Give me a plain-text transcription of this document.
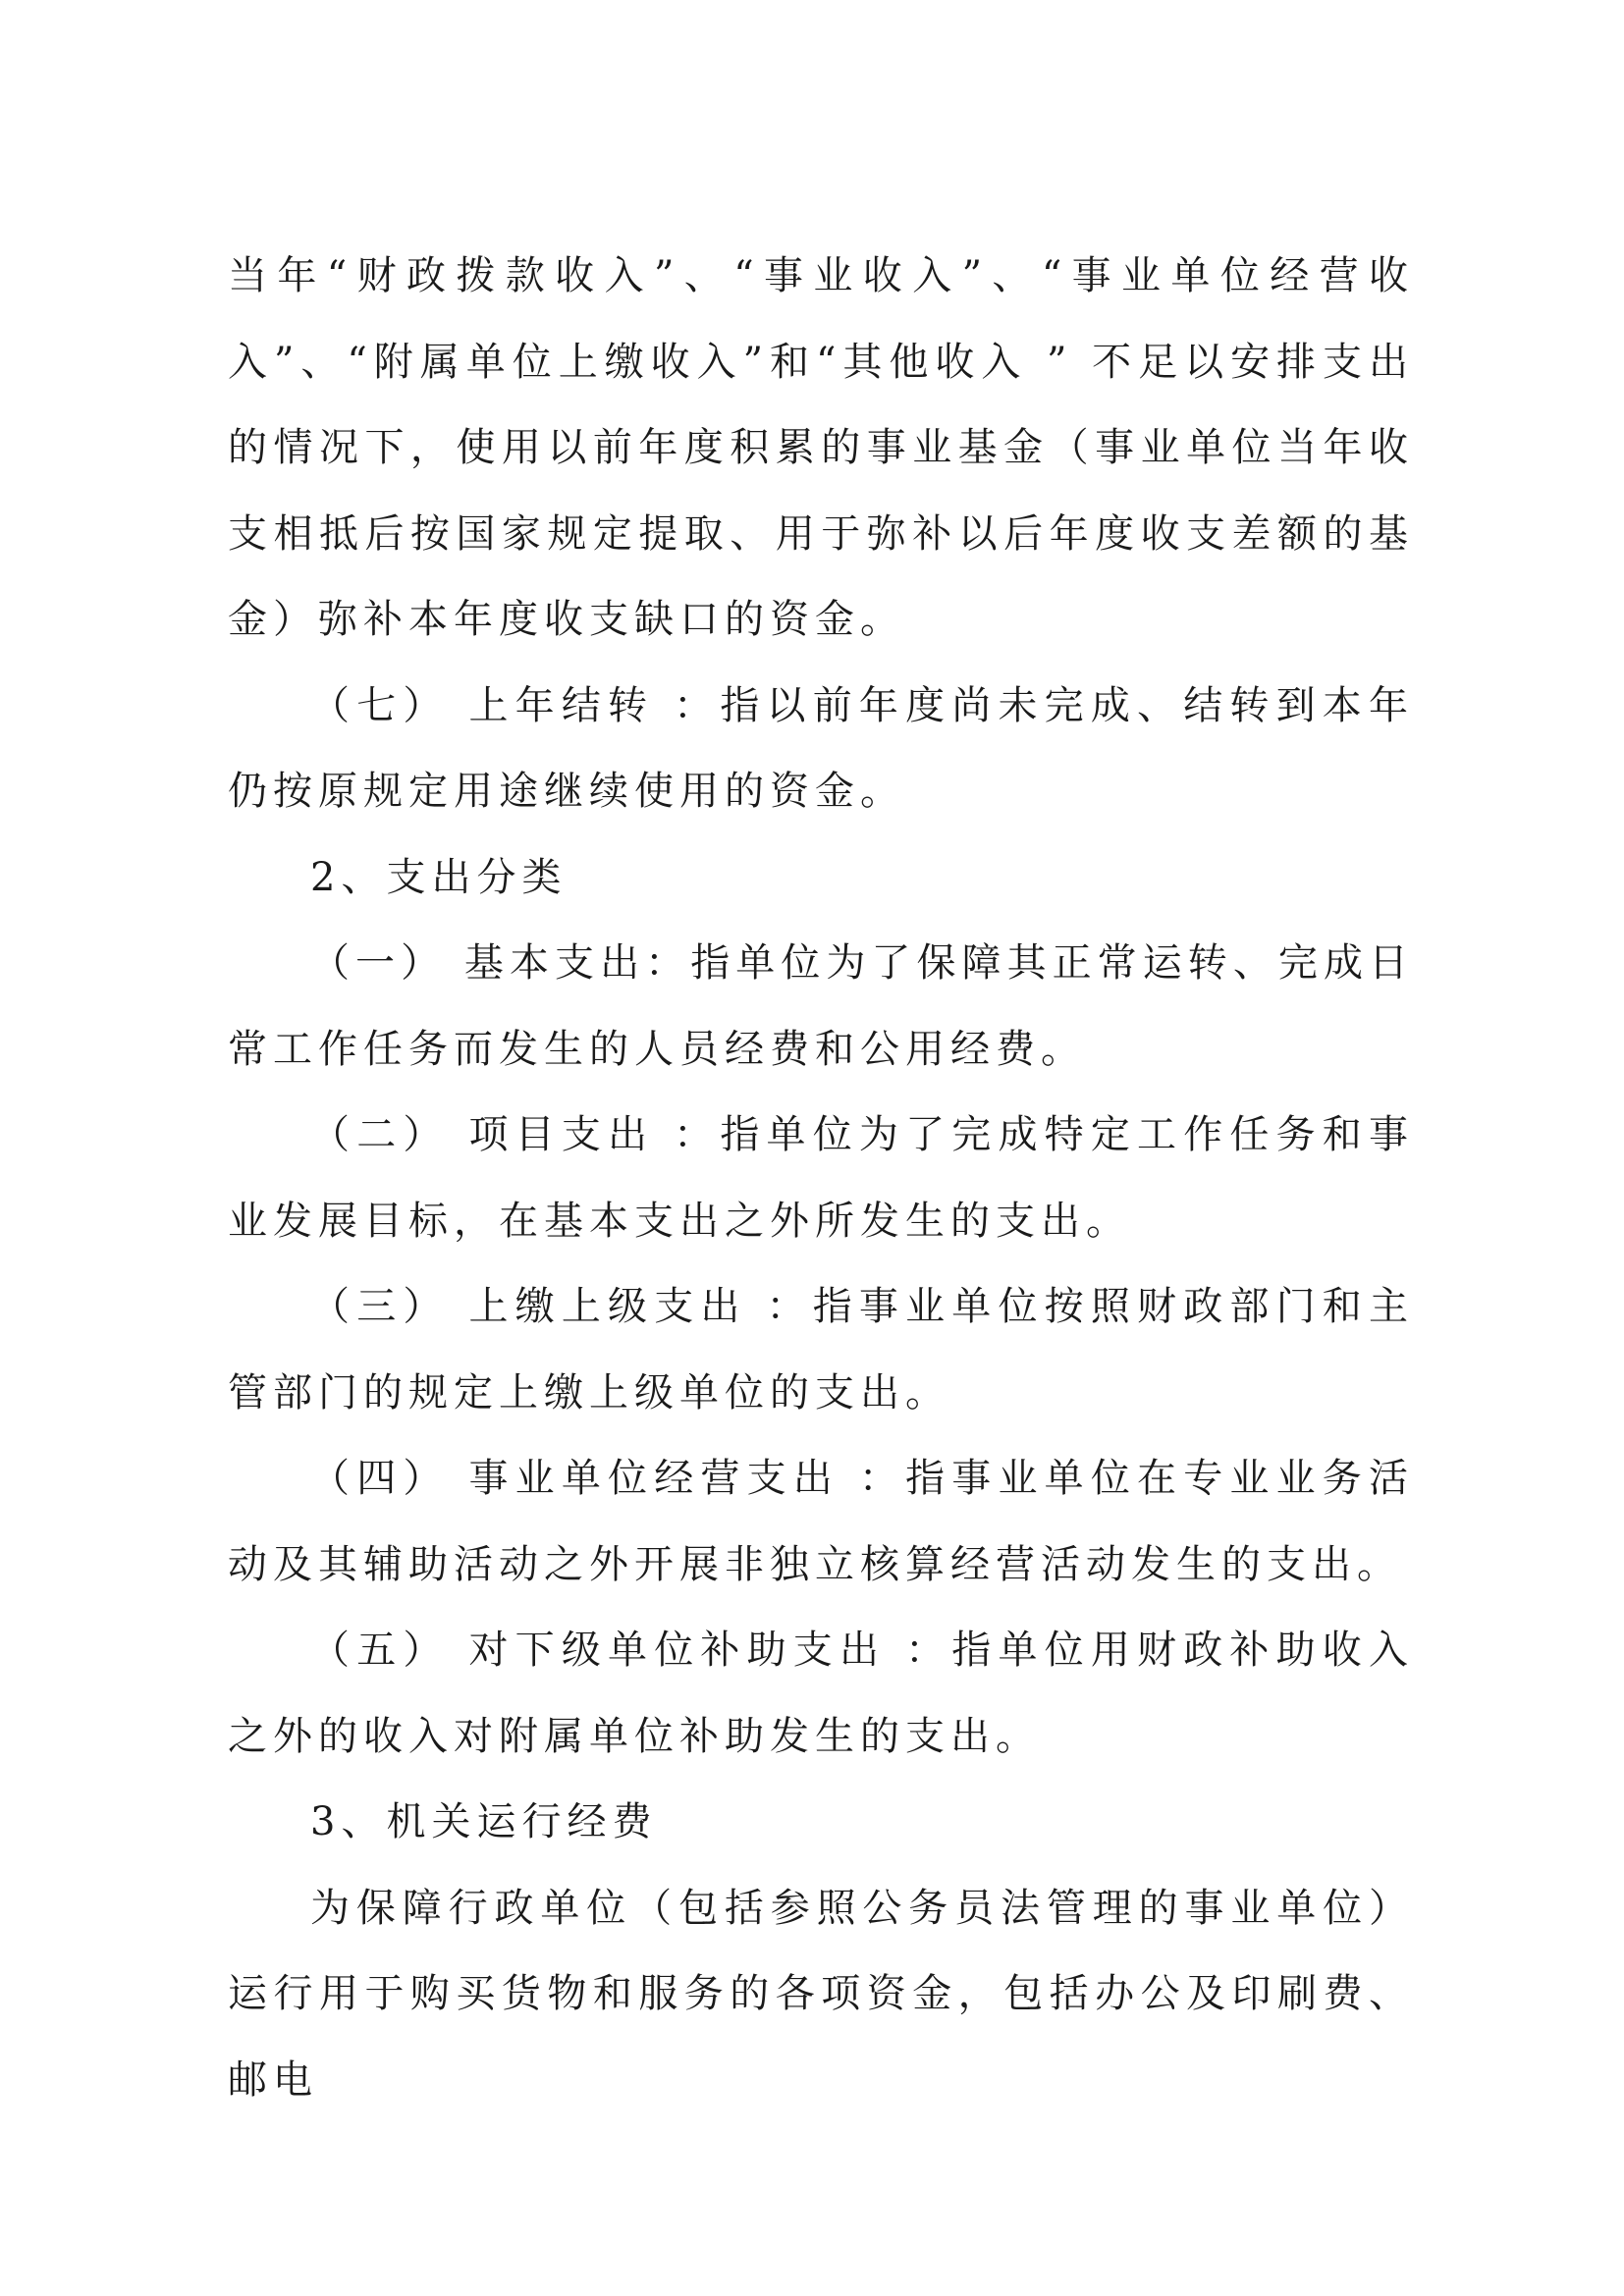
当年“财政拨款收入”、“事业收入”、“事业单位经营收入”、“附属单位上缴收入”和“其他收入 ” 不足以安排支出的情况下，使用以前年度积累的事业基金（事业单位当年收支相抵后按国家规定提取、用于弥补以后年度收支差额的基金）弥补本年度收支缺口的资金。

（七） 上年结转 ：指以前年度尚未完成、结转到本年仍按原规定用途继续使用的资金。

2、支出分类

（一） 基本支出：指单位为了保障其正常运转、完成日常工作任务而发生的人员经费和公用经费。

（二） 项目支出 ：指单位为了完成特定工作任务和事业发展目标，在基本支出之外所发生的支出。

（三） 上缴上级支出 ：指事业单位按照财政部门和主管部门的规定上缴上级单位的支出。

（四） 事业单位经营支出 ：指事业单位在专业业务活动及其辅助活动之外开展非独立核算经营活动发生的支出。

（五） 对下级单位补助支出 ：指单位用财政补助收入之外的收入对附属单位补助发生的支出。

3、机关运行经费

为保障行政单位（包括参照公务员法管理的事业单位）运行用于购买货物和服务的各项资金，包括办公及印刷费、邮电
